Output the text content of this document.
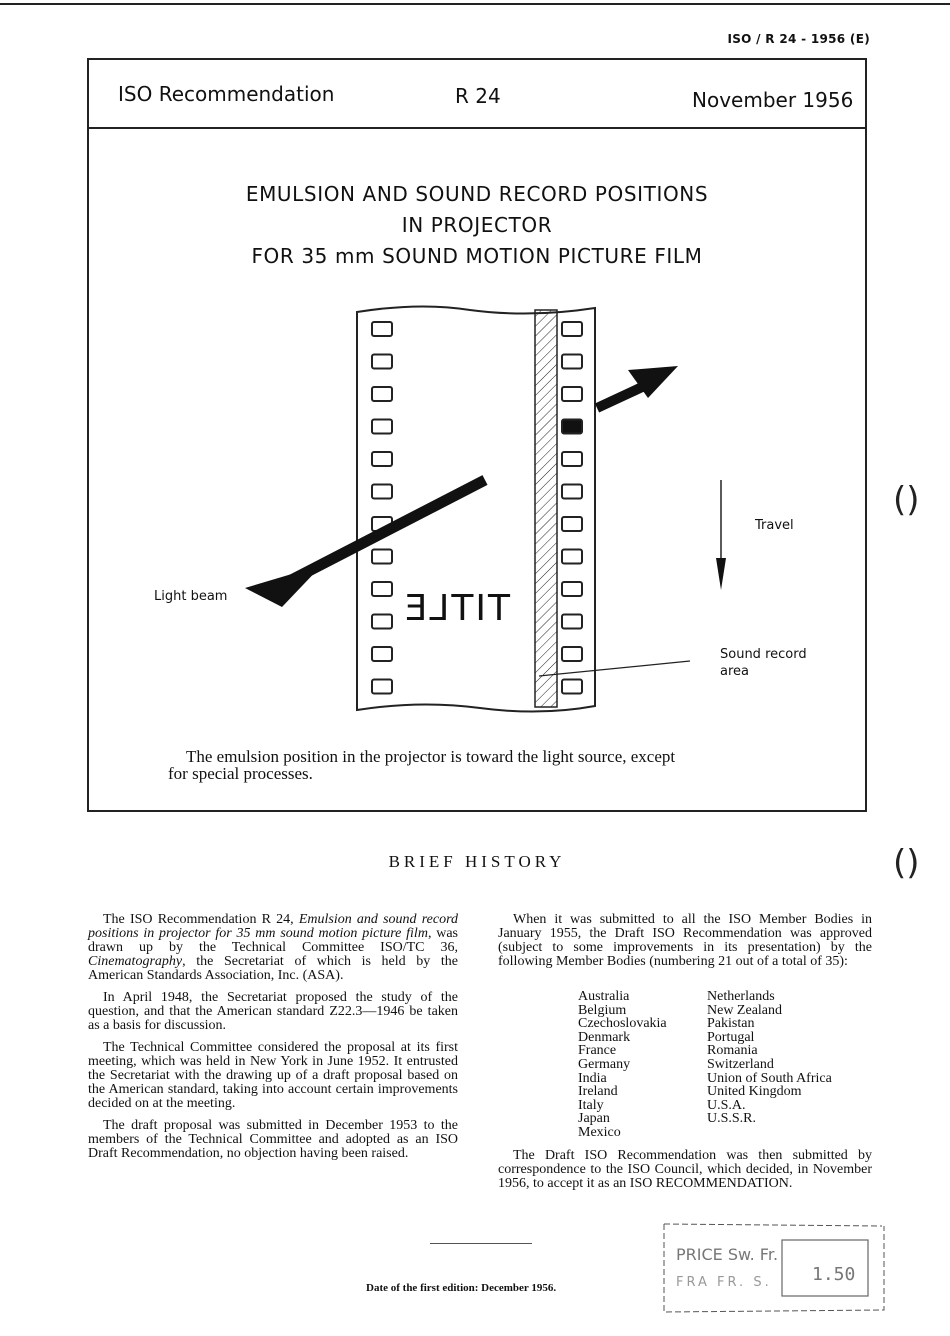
ISO / R 24 - 1956 (E)
ISO Recommendation	R 24	November 1956
EMULSION AND SOUND RECORD POSITIONS
IN PROJECTOR
FOR 35 mm SOUND MOTION PICTURE FILM
TITLE
Light beam
Travel
Sound record
area
The emulsion position in the projector is toward the light source, except
for special processes.
BRIEF HISTORY

The ISO Recommendation R 24, Emulsion and sound record positions in projector for 35 mm sound motion picture film, was drawn up by the Technical Committee ISO/TC 36, Cinematography, the Secretariat of which is held by the American Standards Association, Inc. (ASA).

In April 1948, the Secretariat proposed the study of the question, and that the American standard Z22.3—1946 be taken as a basis for discussion.

The Technical Committee considered the proposal at its first meeting, which was held in New York in June 1952. It entrusted the Secretariat with the drawing up of a draft proposal based on the American standard, taking into account certain improvements decided on at the meeting.

The draft proposal was submitted in December 1953 to the members of the Technical Committee and adopted as an ISO Draft Recommendation, no objection having been raised.

When it was submitted to all the ISO Member Bodies in January 1955, the Draft ISO Recommendation was approved (subject to some improvements in its presentation) by the following Member Bodies (numbering 21 out of a total of 35):

Australia
Belgium
Czechoslovakia
Denmark
France
Germany
India
Ireland
Italy
Japan
Mexico
Netherlands
New Zealand
Pakistan
Portugal
Romania
Switzerland
Union of South Africa
United Kingdom
U.S.A.
U.S.S.R.

The Draft ISO Recommendation was then submitted by correspondence to the ISO Council, which decided, in November 1956, to accept it as an ISO RECOMMENDATION.

Date of the first edition: December 1956.
PRICE Sw. Fr.
FRA FR. S. 1.50
()
()
